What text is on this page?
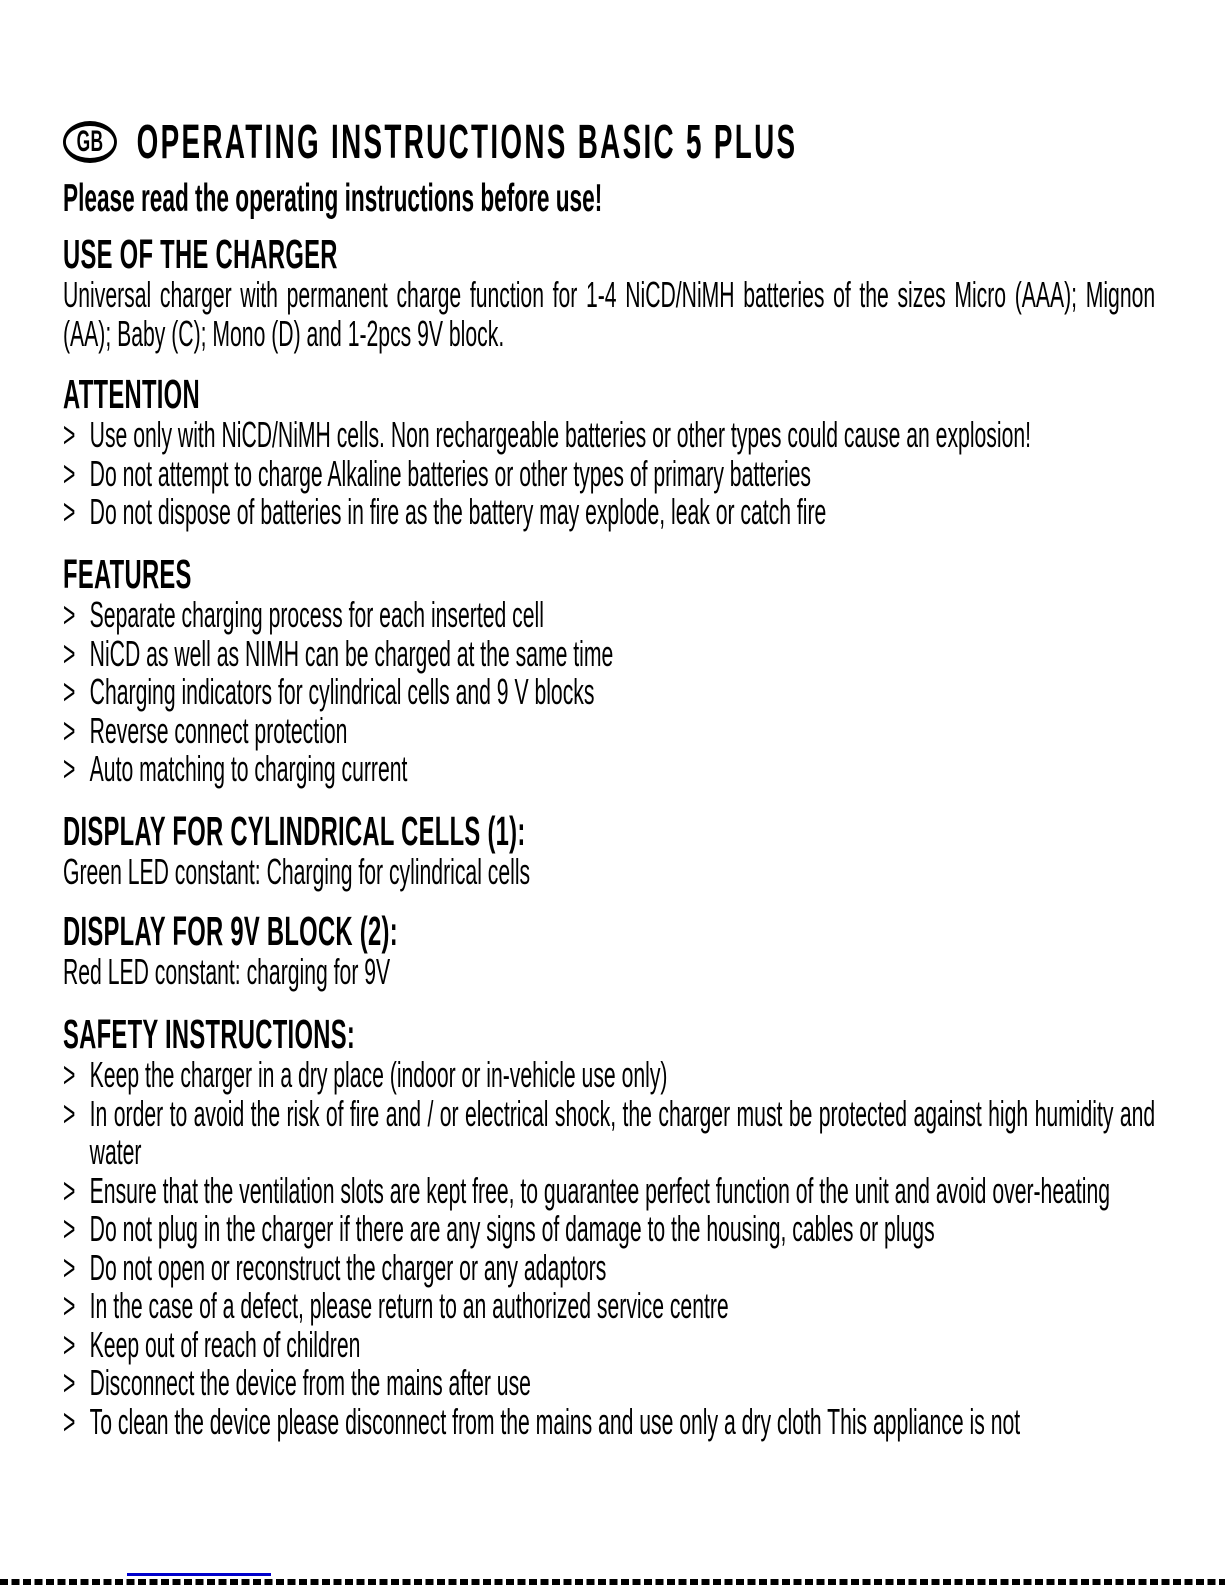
GB OPERATING INSTRUCTIONS BASIC 5 PLUS
Please read the operating instructions before use!
USE OF THE CHARGER
Universal charger with permanent charge function for 1-4 NiCD/NiMH batteries of the sizes Micro (AAA); Mignon (AA); Baby (C); Mono (D) and 1-2pcs 9V block.
ATTENTION
> Use only with NiCD/NiMH cells. Non rechargeable batteries or other types could cause an explosion!
> Do not attempt to charge Alkaline batteries or other types of primary batteries
> Do not dispose of batteries in fire as the battery may explode, leak or catch fire
FEATURES
> Separate charging process for each inserted cell
> NiCD as well as NIMH can be charged at the same time
> Charging indicators for cylindrical cells and 9 V blocks
> Reverse connect protection
> Auto matching to charging current
DISPLAY FOR CYLINDRICAL CELLS (1):
Green LED constant: Charging for cylindrical cells
DISPLAY FOR 9V BLOCK (2):
Red LED constant: charging for 9V
SAFETY INSTRUCTIONS:
> Keep the charger in a dry place (indoor or in-vehicle use only)
> In order to avoid the risk of fire and / or electrical shock, the charger must be protected against high humidity and water
> Ensure that the ventilation slots are kept free, to guarantee perfect function of the unit and avoid over-heating
> Do not plug in the charger if there are any signs of damage to the housing, cables or plugs
> Do not open or reconstruct the charger or any adaptors
> In the case of a defect, please return to an authorized service centre
> Keep out of reach of children
> Disconnect the device from the mains after use
> To clean the device please disconnect from the mains and use only a dry cloth This appliance is not
